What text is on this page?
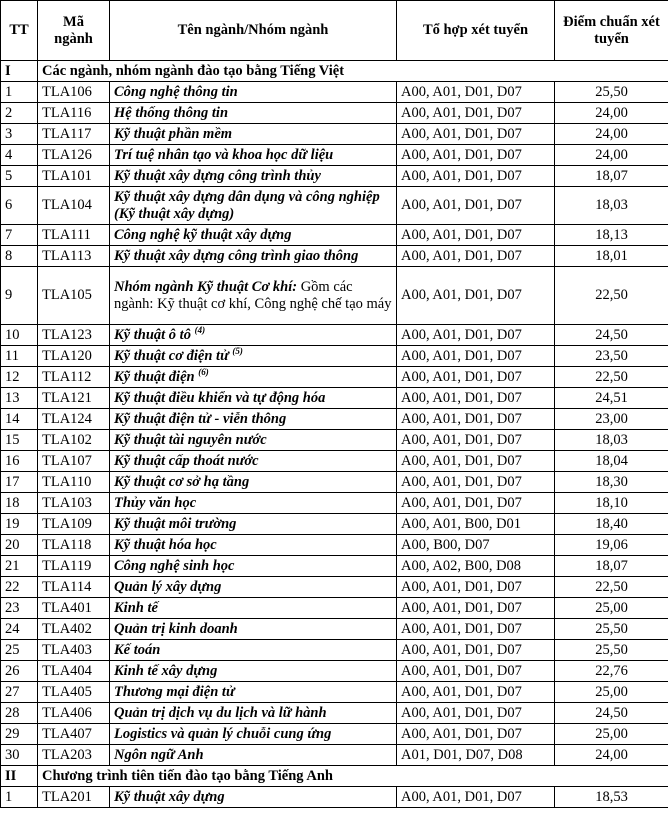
TT	Mã ngành	Tên ngành/Nhóm ngành	Tổ hợp xét tuyển	Điểm chuẩn xét tuyển
I	Các ngành, nhóm ngành đào tạo bằng Tiếng Việt			
1	TLA106	Công nghệ thông tin	A00, A01, D01, D07	25,50
2	TLA116	Hệ thống thông tin	A00, A01, D01, D07	24,00
3	TLA117	Kỹ thuật phần mềm	A00, A01, D01, D07	24,00
4	TLA126	Trí tuệ nhân tạo và khoa học dữ liệu	A00, A01, D01, D07	24,00
5	TLA101	Kỹ thuật xây dựng công trình thủy	A00, A01, D01, D07	18,07
6	TLA104	Kỹ thuật xây dựng dân dụng và công nghiệp (Kỹ thuật xây dựng)	A00, A01, D01, D07	18,03
7	TLA111	Công nghệ kỹ thuật xây dựng	A00, A01, D01, D07	18,13
8	TLA113	Kỹ thuật xây dựng công trình giao thông	A00, A01, D01, D07	18,01
9	TLA105	Nhóm ngành Kỹ thuật Cơ khí: Gồm các ngành: Kỹ thuật cơ khí, Công nghệ chế tạo máy	A00, A01, D01, D07	22,50
10	TLA123	Kỹ thuật ô tô $^{(4)}$	A00, A01, D01, D07	24,50
11	TLA120	Kỹ thuật cơ điện tử $^{(5)}$	A00, A01, D01, D07	23,50
12	TLA112	Kỹ thuật điện $^{(6)}$	A00, A01, D01, D07	22,50
13	TLA121	Kỹ thuật điều khiển và tự động hóa	A00, A01, D01, D07	24,51
14	TLA124	Kỹ thuật điện tử - viễn thông	A00, A01, D01, D07	23,00
15	TLA102	Kỹ thuật tài nguyên nước	A00, A01, D01, D07	18,03
16	TLA107	Kỹ thuật cấp thoát nước	A00, A01, D01, D07	18,04
17	TLA110	Kỹ thuật cơ sở hạ tầng	A00, A01, D01, D07	18,30
18	TLA103	Thủy văn học	A00, A01, D01, D07	18,10
19	TLA109	Kỹ thuật môi trường	A00, A01, B00, D01	18,40
20	TLA118	Kỹ thuật hóa học	A00, B00, D07	19,06
21	TLA119	Công nghệ sinh học	A00, A02, B00, D08	18,07
22	TLA114	Quản lý xây dựng	A00, A01, D01, D07	22,50
23	TLA401	Kinh tế	A00, A01, D01, D07	25,00
24	TLA402	Quản trị kinh doanh	A00, A01, D01, D07	25,50
25	TLA403	Kế toán	A00, A01, D01, D07	25,50
26	TLA404	Kinh tế xây dựng	A00, A01, D01, D07	22,76
27	TLA405	Thương mại điện tử	A00, A01, D01, D07	25,00
28	TLA406	Quản trị dịch vụ du lịch và lữ hành	A00, A01, D01, D07	24,50
29	TLA407	Logistics và quản lý chuỗi cung ứng	A00, A01, D01, D07	25,00
30	TLA203	Ngôn ngữ Anh	A01, D01, D07, D08	24,00
II	Chương trình tiên tiến đào tạo bằng Tiếng Anh			
1	TLA201	Kỹ thuật xây dựng	A00, A01, D01, D07	18,53
